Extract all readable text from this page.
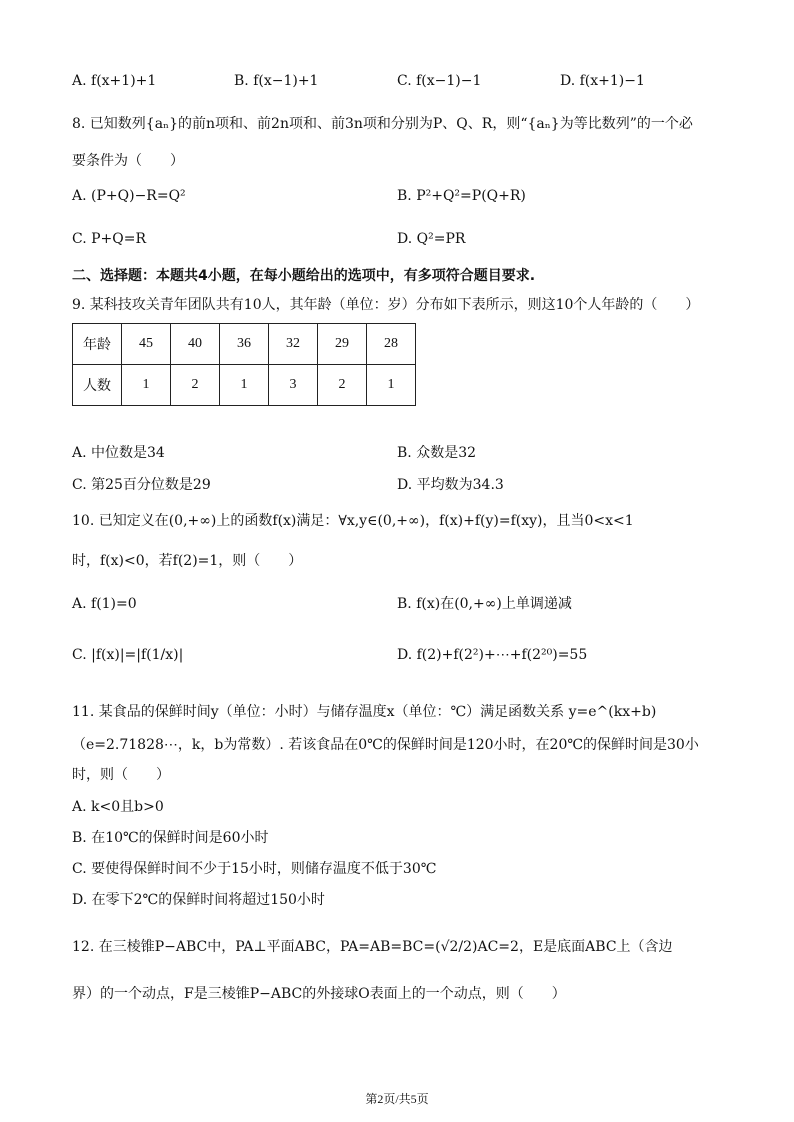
A. f(x+1)+1	B. f(x−1)+1	C. f(x−1)−1	D. f(x+1)−1
8. 已知数列{aₙ}的前n项和、前2n项和、前3n项和分别为P、Q、R，则“{aₙ}为等比数列”的一个必
要条件为（　　）
A. (P+Q)−R=Q²	B. P²+Q²=P(Q+R)
C. P+Q=R	D. Q²=PR
二、选择题：本题共4小题，在每小题给出的选项中，有多项符合题目要求.
9. 某科技攻关青年团队共有10人，其年龄（单位：岁）分布如下表所示，则这10个人年龄的（　　）
年龄	45	40	36	32	29	28
人数	1	2	1	3	2	1
A. 中位数是34	B. 众数是32
C. 第25百分位数是29	D. 平均数为34.3
10. 已知定义在(0,+∞)上的函数f(x)满足：∀x,y∈(0,+∞)，f(x)+f(y)=f(xy)，且当0<x<1
时，f(x)<0，若f(2)=1，则（　　）
A. f(1)=0	B. f(x)在(0,+∞)上单调递减
C. |f(x)|=|f(1/x)|	D. f(2)+f(2²)+⋯+f(2²⁰)=55
11. 某食品的保鲜时间y（单位：小时）与储存温度x（单位：℃）满足函数关系 y=e^(kx+b)
（e=2.71828⋯，k，b为常数）. 若该食品在0℃的保鲜时间是120小时，在20℃的保鲜时间是30小
时，则（　　）
A. k<0且b>0
B. 在10℃的保鲜时间是60小时
C. 要使得保鲜时间不少于15小时，则储存温度不低于30℃
D. 在零下2℃的保鲜时间将超过150小时
12. 在三棱锥P−ABC中，PA⊥平面ABC，PA=AB=BC=(√2/2)AC=2，E是底面ABC上（含边
界）的一个动点，F是三棱锥P−ABC的外接球O表面上的一个动点，则（　　）
第2页/共5页
